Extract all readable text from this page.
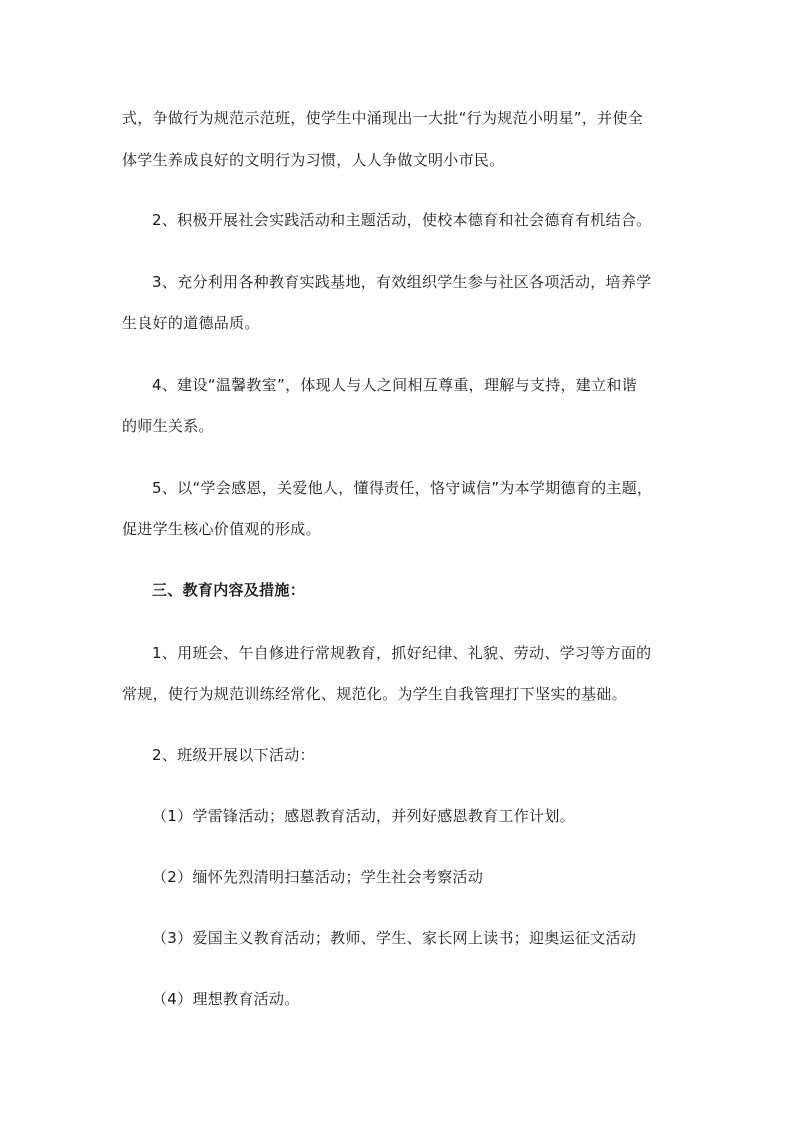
式，争做行为规范示范班，使学生中涌现出一大批“行为规范小明星”，并使全
体学生养成良好的文明行为习惯，人人争做文明小市民。
2、积极开展社会实践活动和主题活动，使校本德育和社会德育有机结合。
3、充分利用各种教育实践基地，有效组织学生参与社区各项活动，培养学
生良好的道德品质。
4、建设“温馨教室”，体现人与人之间相互尊重，理解与支持，建立和谐
的师生关系。
5、以“学会感恩，关爱他人，懂得责任，恪守诚信”为本学期德育的主题，
促进学生核心价值观的形成。
三、教育内容及措施：
1、用班会、午自修进行常规教育，抓好纪律、礼貌、劳动、学习等方面的
常规，使行为规范训练经常化、规范化。为学生自我管理打下坚实的基础。
2、班级开展以下活动：
（1）学雷锋活动；感恩教育活动，并列好感恩教育工作计划。
（2）缅怀先烈清明扫墓活动；学生社会考察活动
（3）爱国主义教育活动；教师、学生、家长网上读书；迎奥运征文活动
（4）理想教育活动。
